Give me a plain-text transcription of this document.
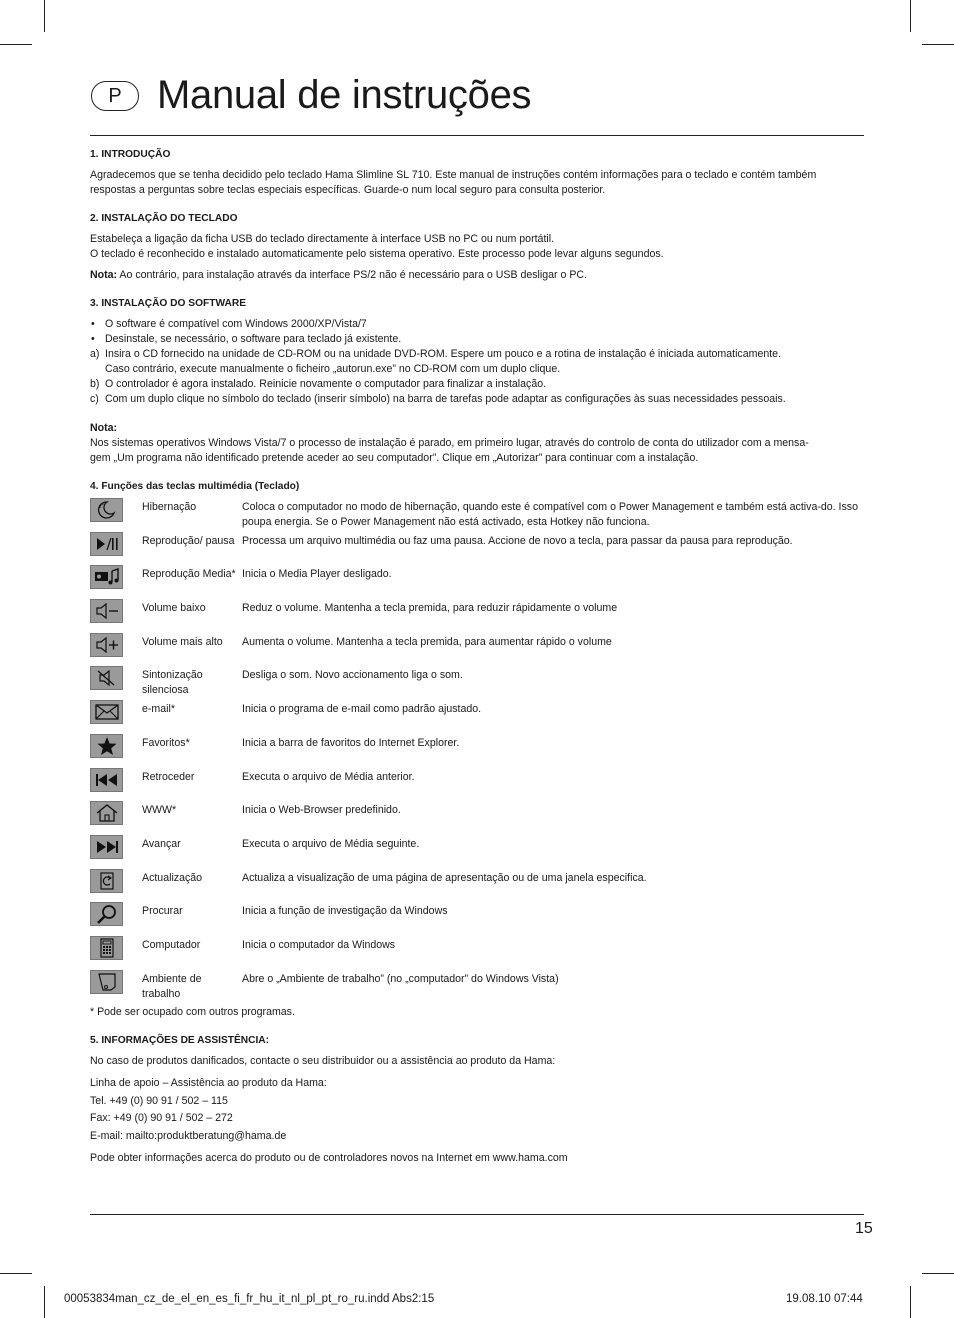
P Manual de instruções
1. INTRODUÇÃO

Agradecemos que se tenha decidido pelo teclado Hama Slimline SL 710. Este manual de instruções contém informações para o teclado e contém também

respostas a perguntas sobre teclas especiais específicas. Guarde-o num local seguro para consulta posterior.

2. INSTALAÇÃO DO TECLADO

Estabeleça a ligação da ficha USB do teclado directamente à interface USB no PC ou num portátil.

O teclado é reconhecido e instalado automaticamente pelo sistema operativo. Este processo pode levar alguns segundos.

Nota: Ao contrário, para instalação através da interface PS/2 não é necessário para o USB desligar o PC.

3. INSTALAÇÃO DO SOFTWARE
• O software é compatível com Windows 2000/XP/Vista/7
• Desinstale, se necessário, o software para teclado já existente.
a) Insira o CD fornecido na unidade de CD-ROM ou na unidade DVD-ROM. Espere um pouco e a rotina de instalação é iniciada automaticamente.
Caso contrário, execute manualmente o ficheiro „autorun.exe” no CD-ROM com um duplo clique.
b) O controlador é agora instalado. Reinicie novamente o computador para finalizar a instalação.
c) Com um duplo clique no símbolo do teclado (inserir símbolo) na barra de tarefas pode adaptar as configurações às suas necessidades pessoais.

Nota:

Nos sistemas operativos Windows Vista/7 o processo de instalação é parado, em primeiro lugar, através do controlo de conta do utilizador com a mensa-

gem „Um programa não identificado pretende aceder ao seu computador”. Clique em „Autorizar” para continuar com a instalação.

4. Funções das teclas multimédia (Teclado)
z
z	Hibernação	Coloca o computador no modo de hibernação, quando este é compatível com o Power Management e também está activa-do. Isso poupa energia. Se o Power Management não está activado, esta Hotkey não funciona.

	Reprodução/ pausa	Processa um arquivo multimédia ou faz uma pausa. Accione de novo a tecla, para passar da pausa para reprodução.

	Reprodução Media*	Inicia o Media Player desligado.

	Volume baixo	Reduz o volume. Mantenha a tecla premida, para reduzir rápidamente o volume

	Volume mais alto	Aumenta o volume. Mantenha a tecla premida, para aumentar rápido o volume

	Sintonização silenciosa	Desliga o som. Novo accionamento liga o som.

	e-mail*	Inicia o programa de e-mail como padrão ajustado.

	Favoritos*	Inicia a barra de favoritos do Internet Explorer.

	Retroceder	Executa o arquivo de Média anterior.

	WWW*	Inicia o Web-Browser predefinido.

	Avançar	Executa o arquivo de Média seguinte.

	Actualização	Actualiza a visualização de uma página de apresentação ou de uma janela especifica.

	Procurar	Inicia a função de investigação da Windows

	Computador	Inicia o computador da Windows

	Ambiente de trabalho	Abre o „Ambiente de trabalho” (no „computador” do Windows Vista)

* Pode ser ocupado com outros programas.

5. INFORMAÇÕES DE ASSISTÊNCIA:

No caso de produtos danificados, contacte o seu distribuidor ou a assistência ao produto da Hama:

Linha de apoio – Assistência ao produto da Hama:

Tel. +49 (0) 90 91 / 502 – 115

Fax: +49 (0) 90 91 / 502 – 272

E-mail: mailto:produktberatung@hama.de

Pode obter informações acerca do produto ou de controladores novos na Internet em www.hama.com

15
00053834man_cz_de_el_en_es_fi_fr_hu_it_nl_pl_pt_ro_ru.indd Abs2:15	19.08.10 07:44
